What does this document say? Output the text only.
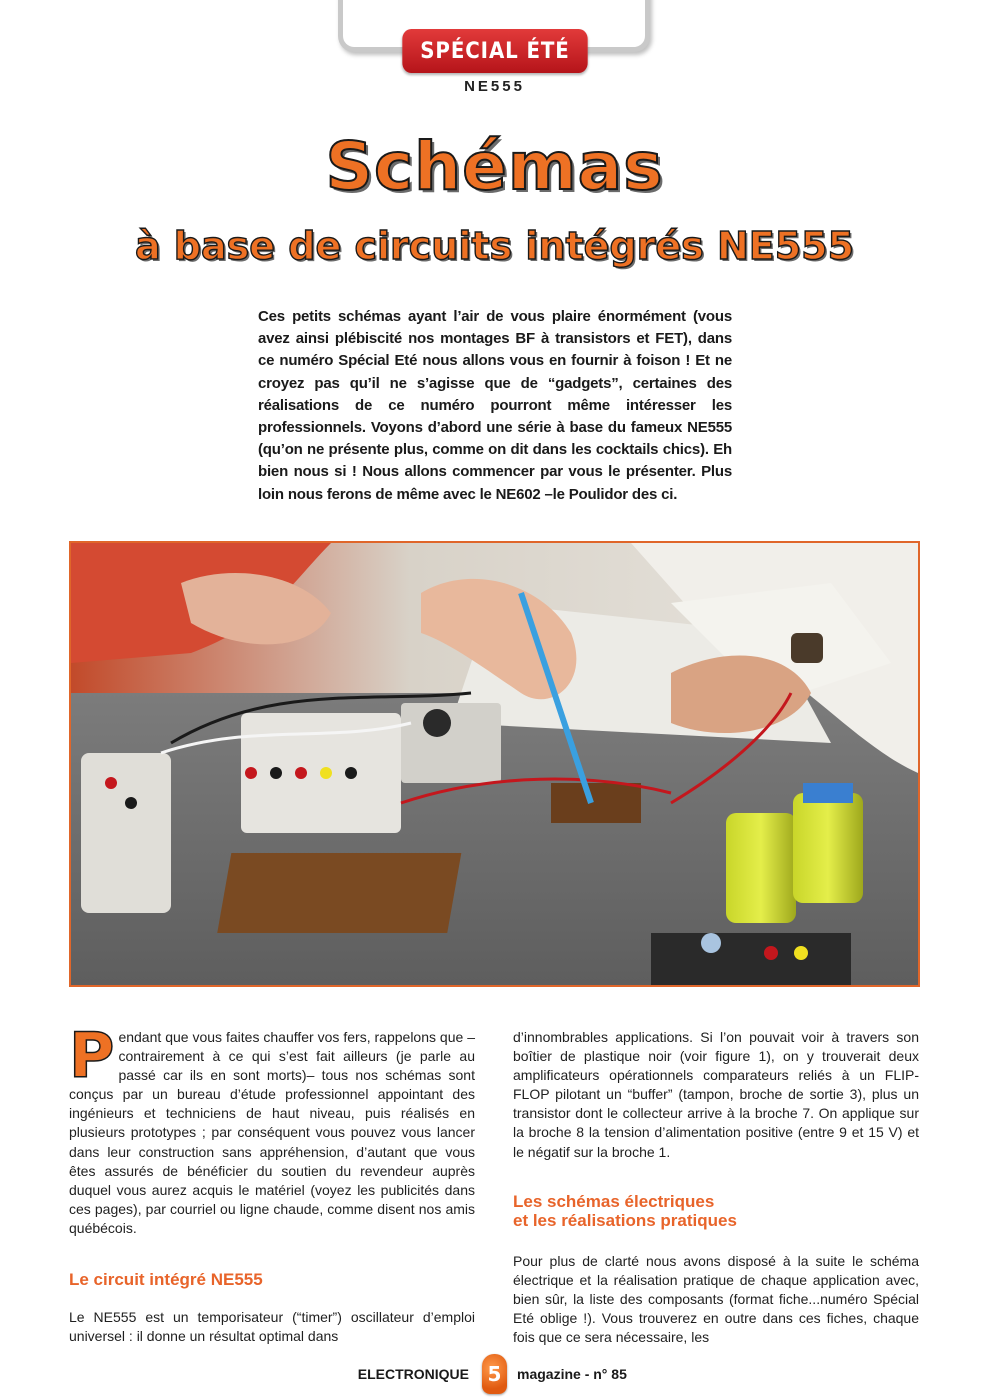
SPÉCIAL ÉTÉ
NE555
Schémas
à base de circuits intégrés NE555

Ces petits schémas ayant l’air de vous plaire énormément (vous avez ainsi plébiscité nos montages BF à transistors et FET), dans ce numéro Spécial Eté nous allons vous en fournir à foison ! Et ne croyez pas qu’il ne s’agisse que de “gadgets”, certaines des réalisations de ce numéro pourront même intéresser les professionnels. Voyons d’abord une série à base du fameux NE555 (qu’on ne présente plus, comme on dit dans les cocktails chics). Eh bien nous si ! Nous allons commencer par vous le présenter. Plus loin nous ferons de même avec le NE602 –le Poulidor des ci.

Pendant que vous faites chauffer vos fers, rappelons que –contrairement à ce qui s’est fait ailleurs (je parle au passé car ils en sont morts)– tous nos schémas sont conçus par un bureau d’étude professionnel appointant des ingénieurs et techniciens de haut niveau, puis réalisés en plusieurs prototypes ; par conséquent vous pouvez vous lancer dans leur construction sans appréhension, d’autant que vous êtes assurés de bénéficier du soutien du revendeur auprès duquel vous aurez acquis le matériel (voyez les publicités dans ces pages), par courriel ou ligne chaude, comme disent nos amis québécois.

Le circuit intégré NE555

Le NE555 est un temporisateur (“timer”) oscillateur d’emploi universel : il donne un résultat optimal dans

d’innombrables applications. Si l’on pouvait voir à travers son boîtier de plastique noir (voir figure 1), on y trouverait deux amplificateurs opérationnels comparateurs reliés à un FLIP-FLOP pilotant un “buffer” (tampon, broche de sortie 3), plus un transistor dont le collecteur arrive à la broche 7. On applique sur la broche 8 la tension d’alimentation positive (entre 9 et 15 V) et le négatif sur la broche 1.

Les schémas électriques
et les réalisations pratiques

Pour plus de clarté nous avons disposé à la suite le schéma électrique et la réalisation pratique de chaque application avec, bien sûr, la liste des composants (format fiche...numéro Spécial Eté oblige !). Vous trouverez en outre dans ces fiches, chaque fois que ce sera nécessaire, les

ELECTRONIQUE 5	magazine - n° 85
